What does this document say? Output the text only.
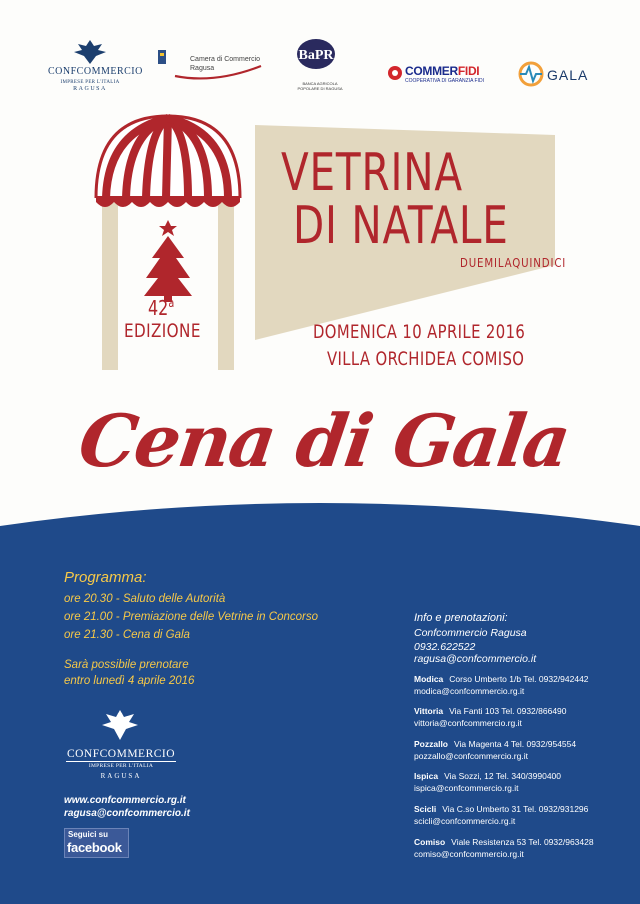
CONFCOMMERCIO
IMPRESE PER L'ITALIA
RAGUSA
Camera di Commercio
Ragusa
BaPR
BANCA AGRICOLA
POPOLARE DI RAGUSA
COMMERFIDI
COOPERATIVA DI GARANZIA FIDI	GALA
42$^a$
EDIZIONE
VETRINA
DI NATALE
DUEMILAQUINDICI
DOMENICA 10 APRILE 2016
VILLA ORCHIDEA COMISO
Cena di Gala
Programma:
ore 20.30 - Saluto delle Autorità
ore 21.00 - Premiazione delle Vetrine in Concorso
ore 21.30 - Cena di Gala
Sarà possibile prenotare
entro lunedì 4 aprile 2016
CONFCOMMERCIO
IMPRESE PER L'ITALIA
RAGUSA
www.confcommercio.rg.it
ragusa@confcommercio.it
Seguici su
facebook
Info e prenotazioni:
Confcommercio Ragusa
0932.622522
ragusa@confcommercio.it
Modica Corso Umberto 1/b Tel. 0932/942442
modica@confcommercio.rg.it
Vittoria Via Fanti 103 Tel. 0932/866490
vittoria@confcommercio.rg.it
Pozzallo Via Magenta 4 Tel. 0932/954554
pozzallo@confcommercio.rg.it
Ispica Via Sozzi, 12 Tel. 340/3990400
ispica@confcommercio.rg.it
Scicli Via C.so Umberto 31 Tel. 0932/931296
scicli@confcommercio.rg.it
Comiso Viale Resistenza 53 Tel. 0932/963428
comiso@confcommercio.rg.it
